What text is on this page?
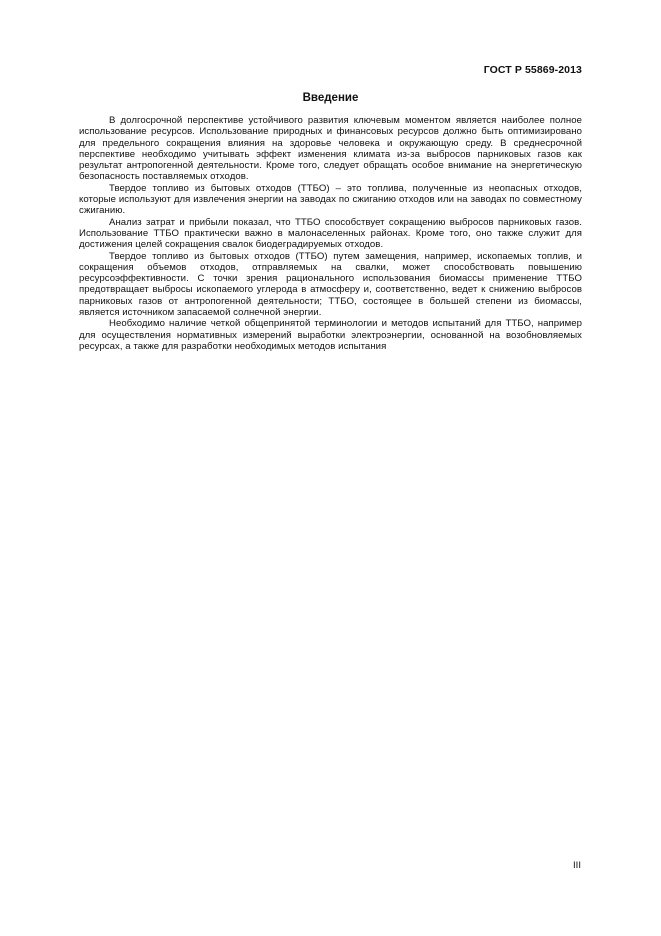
ГОСТ Р 55869-2013
Введение

В долгосрочной перспективе устойчивого развития ключевым моментом является наиболее полное использование ресурсов. Использование природных и финансовых ресурсов должно быть оптимизировано для предельного сокращения влияния на здоровье человека и окружающую среду. В среднесрочной перспективе необходимо учитывать эффект изменения климата из-за выбросов парниковых газов как результат антропогенной деятельности. Кроме того, следует обращать особое внимание на энергетическую безопасность поставляемых отходов.

Твердое топливо из бытовых отходов (ТТБО) – это топлива, полученные из неопасных отходов, которые используют для извлечения энергии на заводах по сжиганию отходов или на заводах по совместному сжиганию.

Анализ затрат и прибыли показал, что ТТБО способствует сокращению выбросов парниковых газов. Использование ТТБО практически важно в малонаселенных районах. Кроме того, оно также служит для достижения целей сокращения свалок биодеградируемых отходов.

Твердое топливо из бытовых отходов (ТТБО) путем замещения, например, ископаемых топлив, и сокращения объемов отходов, отправляемых на свалки, может способствовать повышению ресурсоэффективности. С точки зрения рационального использования биомассы применение ТТБО предотвращает выбросы ископаемого углерода в атмосферу и, соответственно, ведет к снижению выбросов парниковых газов от антропогенной деятельности; ТТБО, состоящее в большей степени из биомассы, является источником запасаемой солнечной энергии.

Необходимо наличие четкой общепринятой терминологии и методов испытаний для ТТБО, например для осуществления нормативных измерений выработки электроэнергии, основанной на возобновляемых ресурсах, а также для разработки необходимых методов испытания

III
